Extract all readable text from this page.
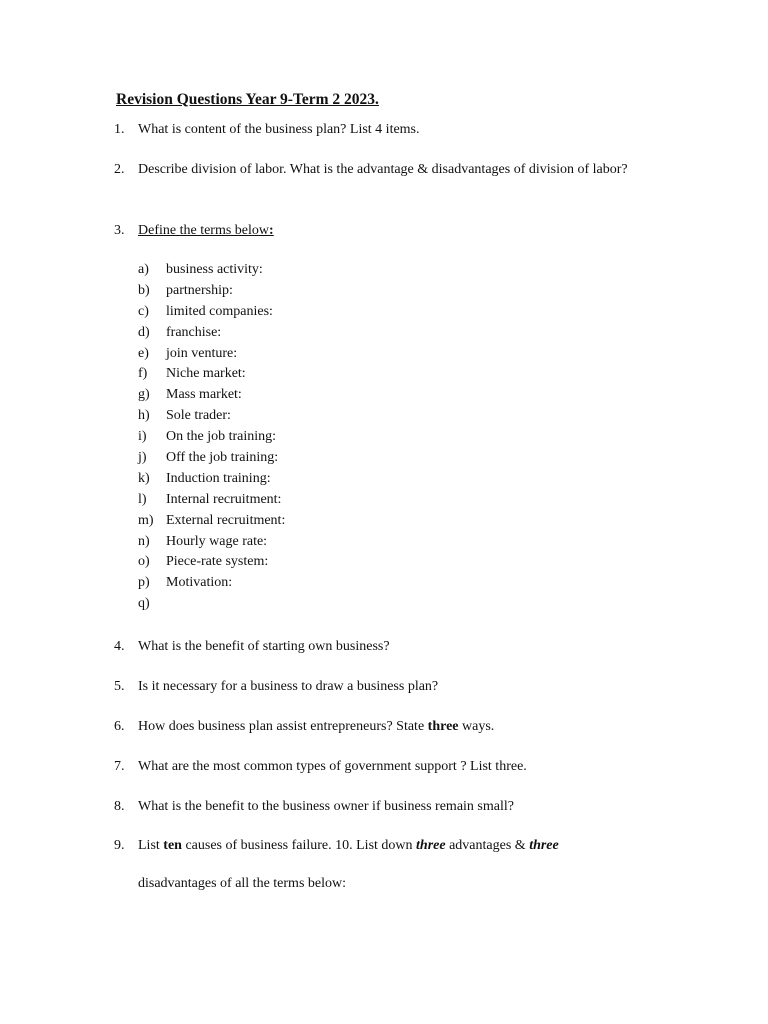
Revision Questions Year 9-Term 2 2023.
1. What is content of the business plan? List 4 items.
2. Describe division of labor. What is the advantage & disadvantages of division of labor?
3. Define the terms below:
a) business activity:
b) partnership:
c) limited companies:
d) franchise:
e) join venture:
f) Niche market:
g) Mass market:
h) Sole trader:
i) On the job training:
j) Off the job training:
k) Induction training:
l) Internal recruitment:
m) External recruitment:
n) Hourly wage rate:
o) Piece-rate system:
p) Motivation:
q)
4. What is the benefit of starting own business?
5. Is it necessary for a business to draw a business plan?
6. How does business plan assist entrepreneurs? State three ways.
7. What are the most common types of government support ? List three.
8. What is the benefit to the business owner if business remain small?
9. List ten causes of business failure. 10. List down three advantages & three
disadvantages of all the terms below:
